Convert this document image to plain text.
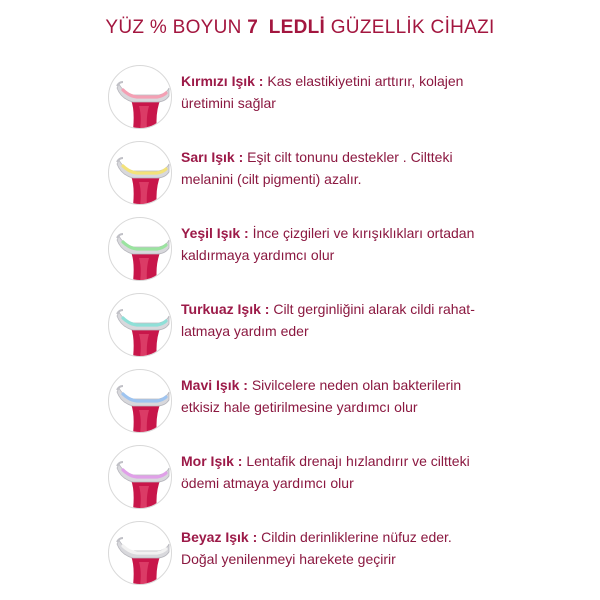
YÜZ % BOYUN 7 LEDLİ GÜZELLİK CİHAZI
Kırmızı Işık : Kas elastikiyetini arttırır, kolajen
üretimini sağlar
Sarı Işık : Eşit cilt tonunu destekler . Ciltteki
melanini (cilt pigmenti) azalır.
Yeşil Işık : İnce çizgileri ve kırışıklıkları ortadan
kaldırmaya yardımcı olur
Turkuaz Işık : Cilt gerginliğini alarak cildi rahat-
latmaya yardım eder
Mavi Işık : Sivilcelere neden olan bakterilerin
etkisiz hale getirilmesine yardımcı olur
Mor Işık : Lentafik drenajı hızlandırır ve ciltteki
ödemi atmaya yardımcı olur
Beyaz Işık : Cildin derinliklerine nüfuz eder.
Doğal yenilenmeyi harekete geçirir
